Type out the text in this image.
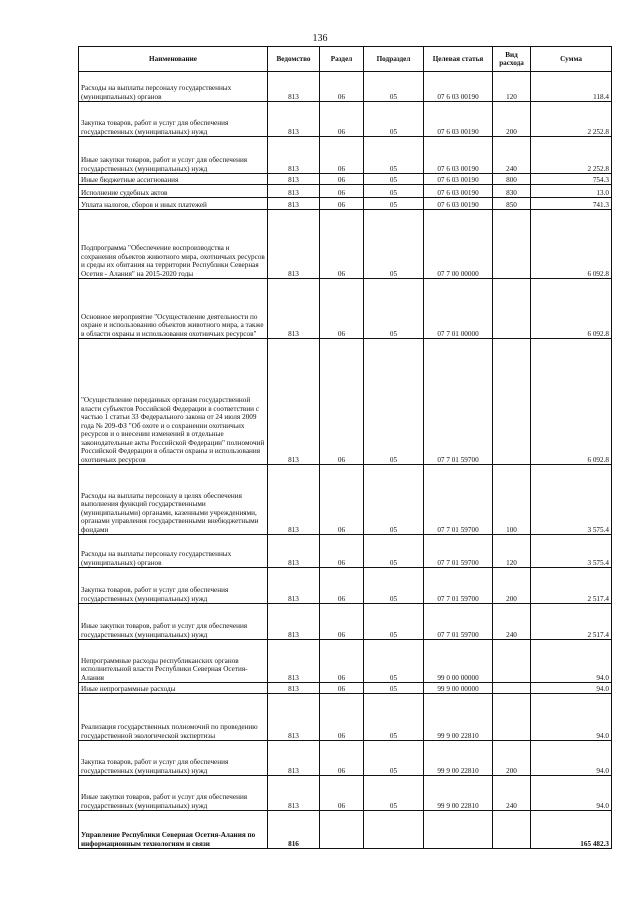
136
Наименование	Ведомство	Раздел	Подраздел	Целевая статья	Вид расхода	Сумма
Расходы на выплаты персоналу государственных (муниципальных) органов	813	06	05	07 6 03 00190	120	118.4
Закупка товаров, работ и услуг для обеспечения государственных (муниципальных) нужд	813	06	05	07 6 03 00190	200	2 252.8
Иные закупки товаров, работ и услуг для обеспечения государственных (муниципальных) нужд	813	06	05	07 6 03 00190	240	2 252.8
Иные бюджетные ассигнования	813	06	05	07 6 03 00190	800	754.3
Исполнение судебных актов	813	06	05	07 6 03 00190	830	13.0
Уплата налогов, сборов и иных платежей	813	06	05	07 6 03 00190	850	741.3
Подпрограмма "Обеспечение воспроизводства и сохранения объектов животного мира, охотничьих ресурсов и среды их обитания на территории Республики Северная Осетия - Алания" на 2015-2020 годы	813	06	05	07 7 00 00000		6 092.8
Основное мероприятие "Осуществление деятельности по охране и использованию объектов животного мира, а также в области охраны и использования охотничьих ресурсов"	813	06	05	07 7 01 00000		6 092.8
"Осуществление переданных органам государственной власти субъектов Российской Федерации в соответствии с частью 1 статьи 33 Федерального закона от 24 июля 2009 года № 209-ФЗ "Об охоте и о сохранении охотничьих ресурсов и о внесении изменений в отдельные законодательные акты Российской Федерации" полномочий Российской Федерации в области охраны и использования охотничьих ресурсов	813	06	05	07 7 01 59700		6 092.8
Расходы на выплаты персоналу в целях обеспечения выполнения функций государственными (муниципальными) органами, казенными учреждениями, органами управления государственными внебюджетными фондами	813	06	05	07 7 01 59700	100	3 575.4
Расходы на выплаты персоналу государственных (муниципальных) органов	813	06	05	07 7 01 59700	120	3 575.4
Закупка товаров, работ и услуг для обеспечения государственных (муниципальных) нужд	813	06	05	07 7 01 59700	200	2 517.4
Иные закупки товаров, работ и услуг для обеспечения государственных (муниципальных) нужд	813	06	05	07 7 01 59700	240	2 517.4
Непрограммные расходы республиканских органов исполнительной власти Республики Северная Осетия-Алания	813	06	05	99 0 00 00000		94.0
Иные непрограммные расходы	813	06	05	99 9 00 00000		94.0
Реализация государственных полномочий по проведению государственной экологической экспертизы	813	06	05	99 9 00 22810		94.0
Закупка товаров, работ и услуг для обеспечения государственных (муниципальных) нужд	813	06	05	99 9 00 22810	200	94.0
Иные закупки товаров, работ и услуг для обеспечения государственных (муниципальных) нужд	813	06	05	99 9 00 22810	240	94.0
Управление Республики Северная Осетия-Алания по информационным технологиям и связи	816					165 482.3
